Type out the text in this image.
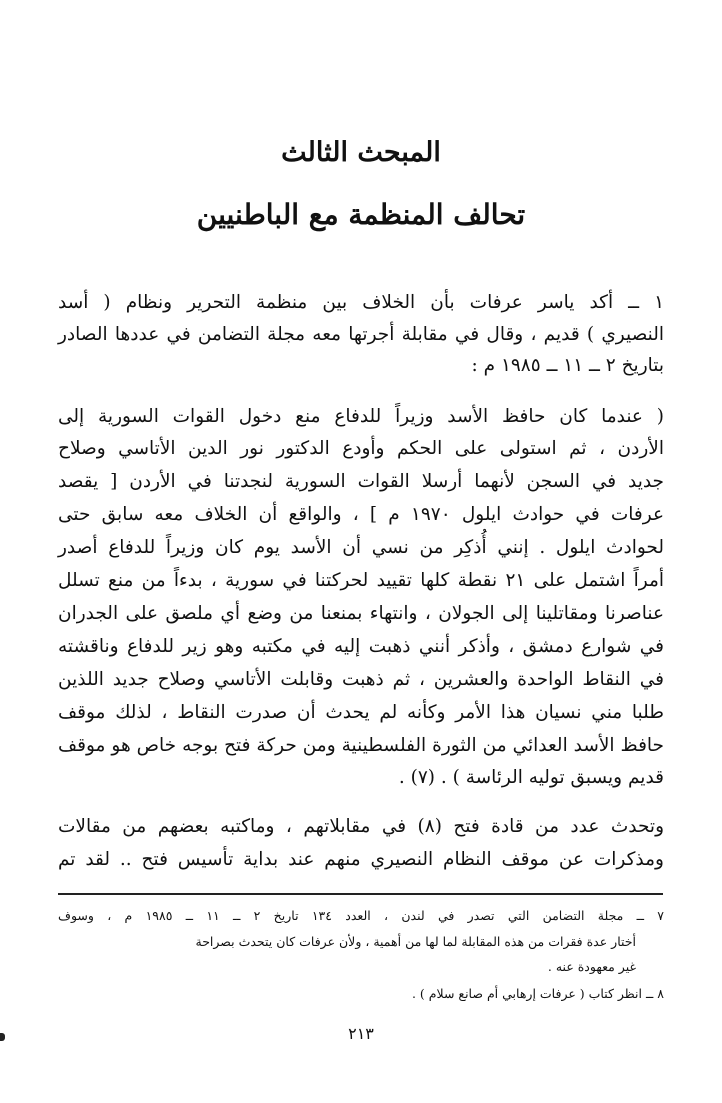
المبحث الثالث
تحالف المنظمة مع الباطنيين
١ ــ أكد ياسر عرفات بأن الخلاف بين منظمة التحرير ونظام ( أسد
النصيري ) قديم ، وقال في مقابلة أجرتها معه مجلة التضامن في عددها الصادر
بتاريخ ٢ ــ ١١ ــ ١٩٨٥ م :
( عندما كان حافظ الأسد وزيراً للدفاع منع دخول القوات السورية إلى
الأردن ، ثم استولى على الحكم وأودع الدكتور نور الدين الأتاسي وصلاح
جديد في السجن لأنهما أرسلا القوات السورية لنجدتنا في الأردن [ يقصد
عرفات في حوادث ايلول ١٩٧٠ م ] ، والواقع أن الخلاف معه سابق حتى
لحوادث ايلول . إنني أُذكِر من نسي أن الأسد يوم كان وزيراً للدفاع أصدر
أمراً اشتمل على ٢١ نقطة كلها تقييد لحركتنا في سورية ، بدءاً من منع تسلل
عناصرنا ومقاتلينا إلى الجولان ، وانتهاء بمنعنا من وضع أي ملصق على الجدران
في شوارع دمشق ، وأذكر أنني ذهبت إليه في مكتبه وهو زير للدفاع وناقشته
في النقاط الواحدة والعشرين ، ثم ذهبت وقابلت الأتاسي وصلاح جديد اللذين
طلبا مني نسيان هذا الأمر وكأنه لم يحدث أن صدرت النقاط ، لذلك موقف
حافظ الأسد العدائي من الثورة الفلسطينية ومن حركة فتح بوجه خاص هو موقف
قديم ويسبق توليه الرئاسة ) . (٧) .
وتحدث عدد من قادة فتح (٨) في مقابلاتهم ، وماكتبه بعضهم من مقالات
ومذكرات عن موقف النظام النصيري منهم عند بداية تأسيس فتح .. لقد تم
٧ ــ مجلة التضامن التي تصدر في لندن ، العدد ١٣٤ تاريخ ٢ ــ ١١ ــ ١٩٨٥ م ، وسوف
أختار عدة فقرات من هذه المقابلة لما لها من أهمية ، ولأن عرفات كان يتحدث بصراحة
غير معهودة عنه .
٨ ــ انظر كتاب ( عرفات إرهابي أم صانع سلام ) .
٢١٣
